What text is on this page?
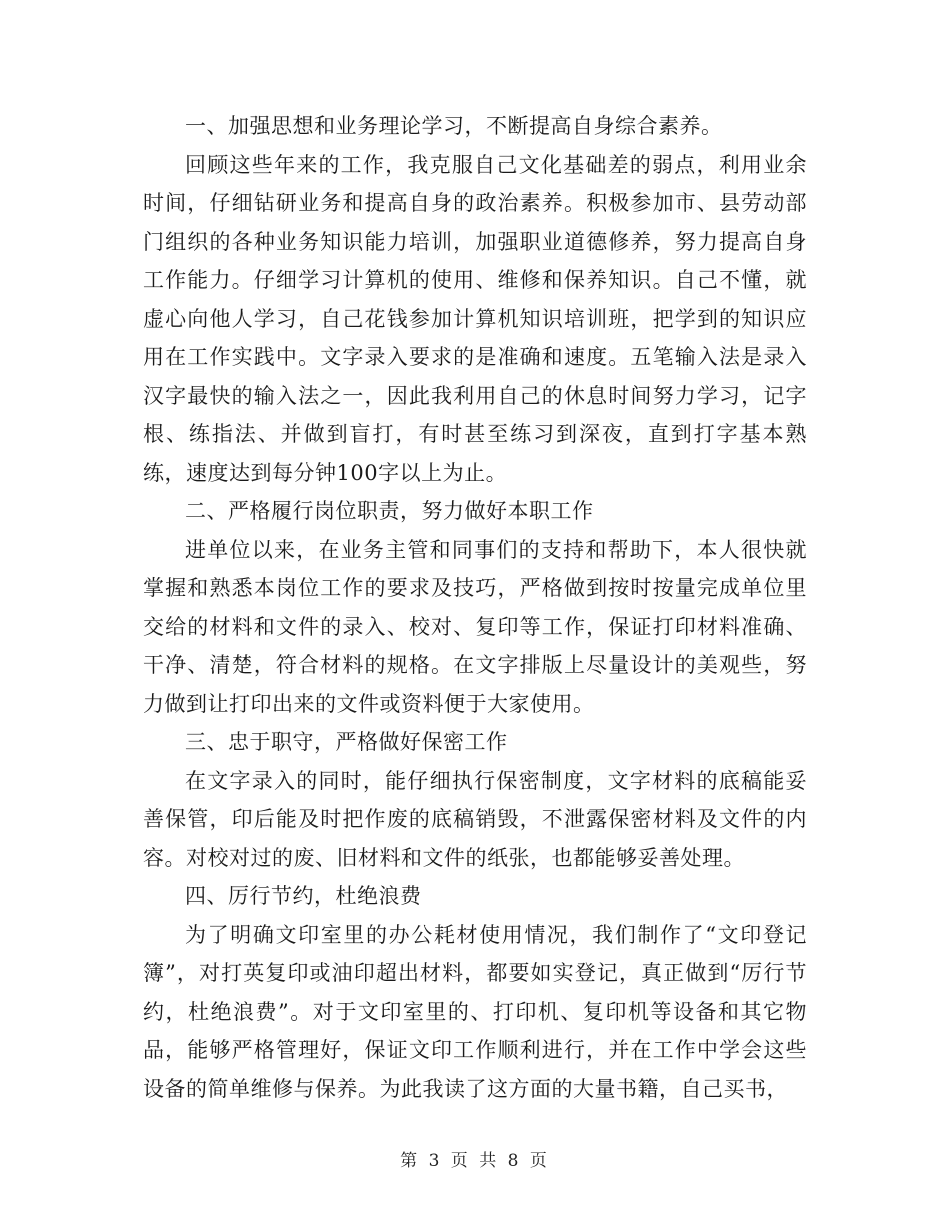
一、加强思想和业务理论学习，不断提高自身综合素养。

回顾这些年来的工作，我克服自己文化基础差的弱点，利用业余时间，仔细钻研业务和提高自身的政治素养。积极参加市、县劳动部门组织的各种业务知识能力培训，加强职业道德修养，努力提高自身工作能力。仔细学习计算机的使用、维修和保养知识。自己不懂，就虚心向他人学习，自己花钱参加计算机知识培训班，把学到的知识应用在工作实践中。文字录入要求的是准确和速度。五笔输入法是录入汉字最快的输入法之一，因此我利用自己的休息时间努力学习，记字根、练指法、并做到盲打，有时甚至练习到深夜，直到打字基本熟练，速度达到每分钟100字以上为止。

二、严格履行岗位职责，努力做好本职工作

进单位以来，在业务主管和同事们的支持和帮助下，本人很快就掌握和熟悉本岗位工作的要求及技巧，严格做到按时按量完成单位里交给的材料和文件的录入、校对、复印等工作，保证打印材料准确、干净、清楚，符合材料的规格。在文字排版上尽量设计的美观些，努力做到让打印出来的文件或资料便于大家使用。

三、忠于职守，严格做好保密工作

在文字录入的同时，能仔细执行保密制度，文字材料的底稿能妥善保管，印后能及时把作废的底稿销毁，不泄露保密材料及文件的内容。对校对过的废、旧材料和文件的纸张，也都能够妥善处理。

四、厉行节约，杜绝浪费

为了明确文印室里的办公耗材使用情况，我们制作了“文印登记簿”，对打英复印或油印超出材料，都要如实登记，真正做到“厉行节约，杜绝浪费”。对于文印室里的、打印机、复印机等设备和其它物品，能够严格管理好，保证文印工作顺利进行，并在工作中学会这些设备的简单维修与保养。为此我读了这方面的大量书籍，自己买书，

第 3 页 共 8 页
